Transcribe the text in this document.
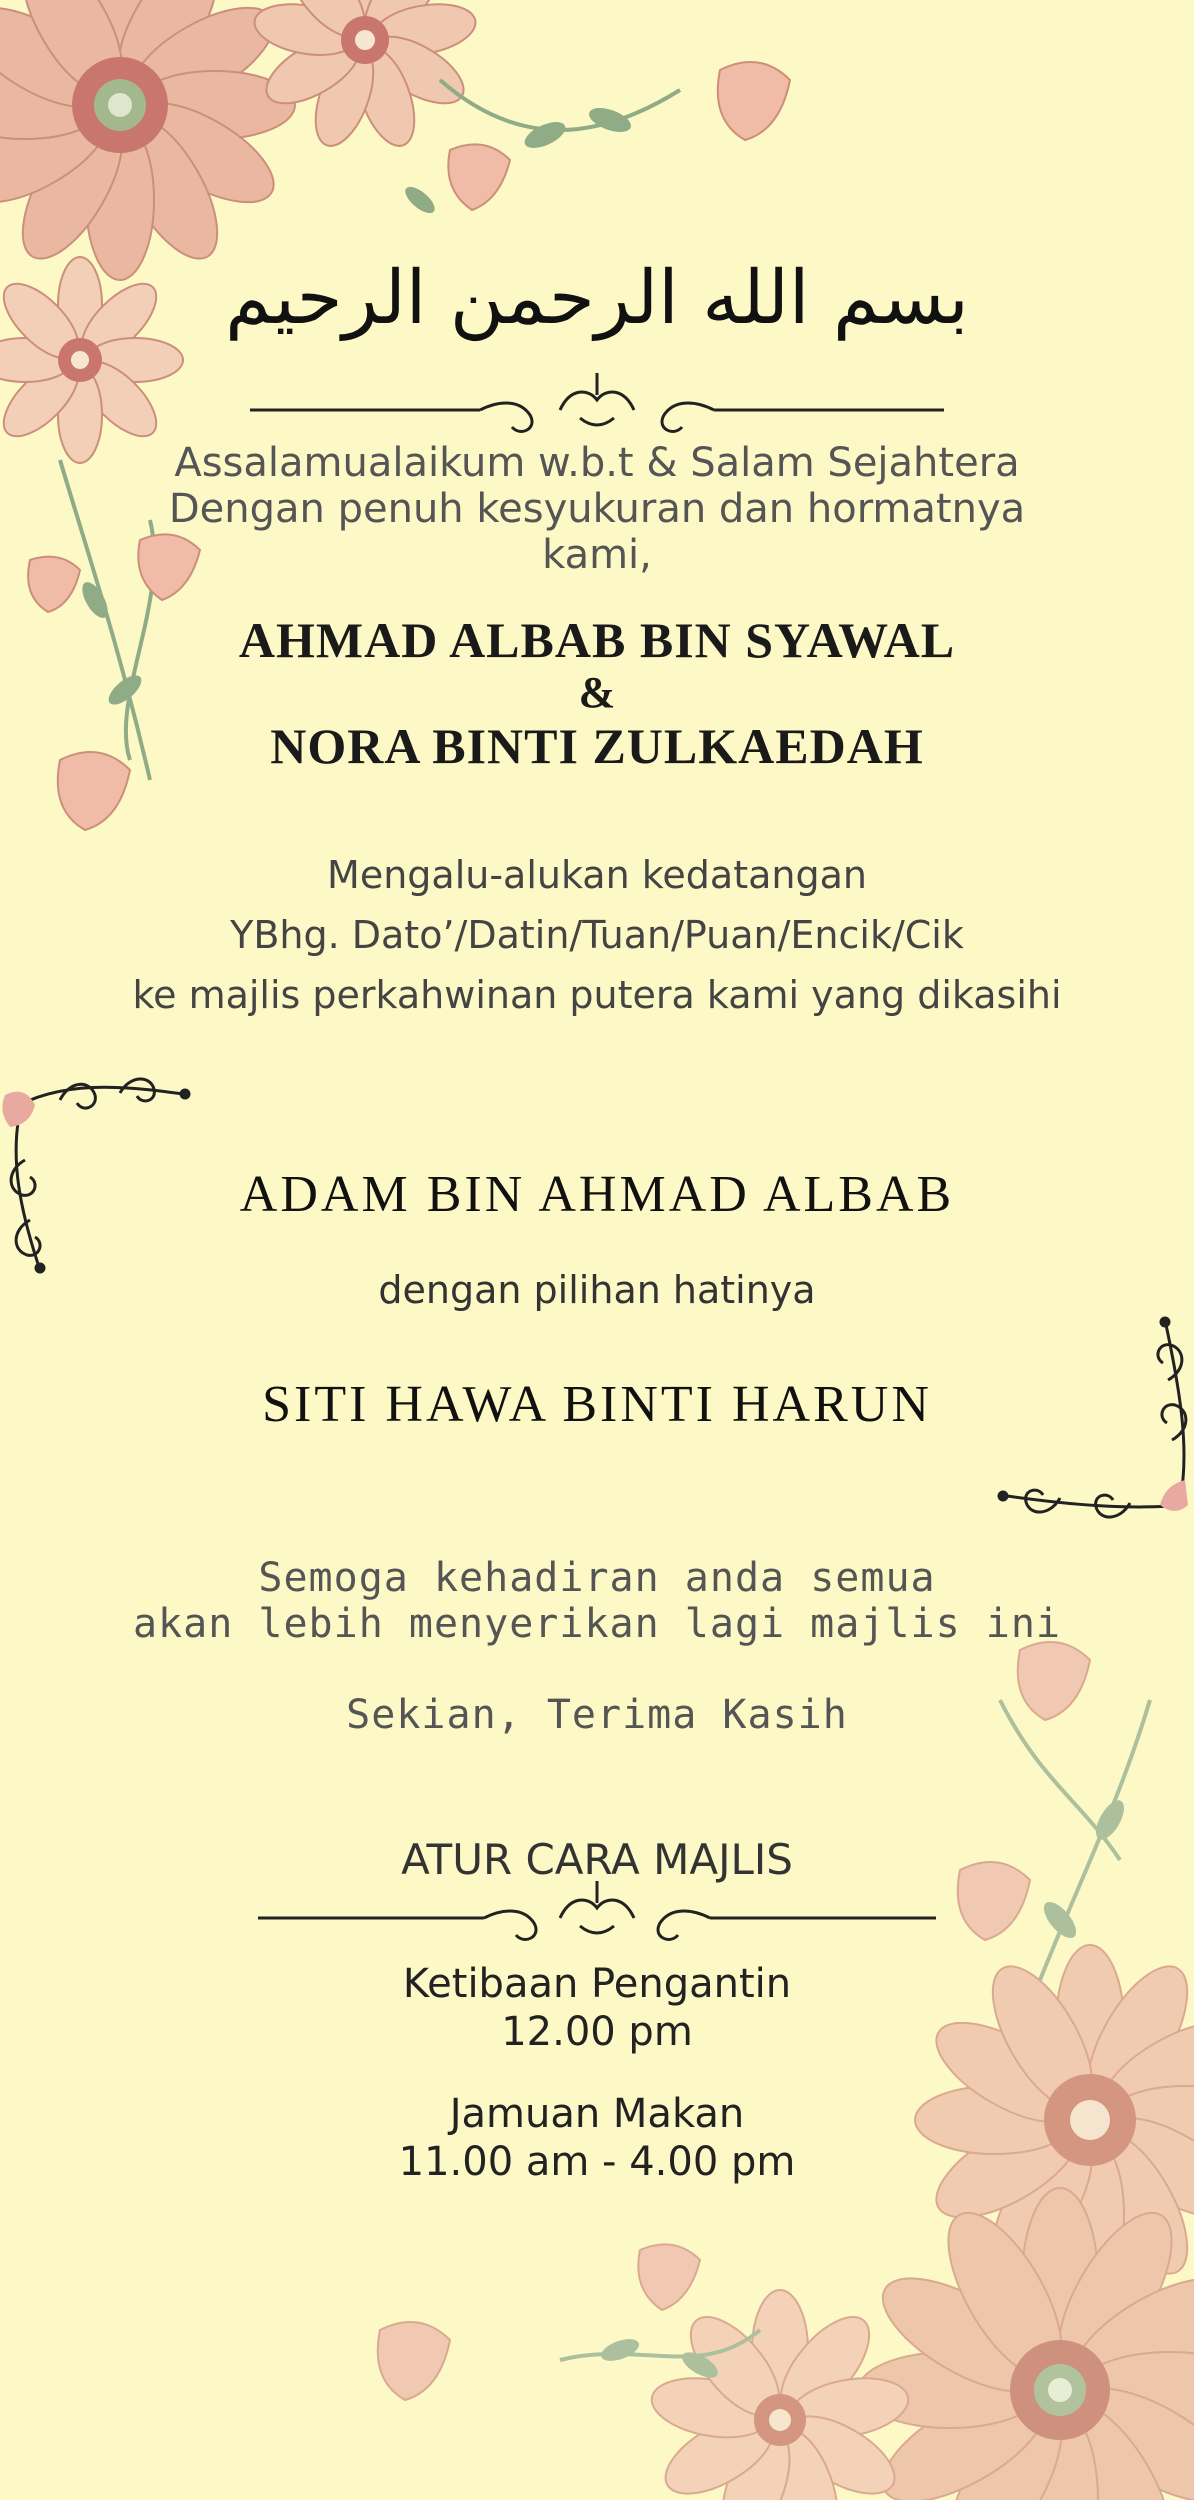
بسم الله الرحمن الرحيم
Assalamualaikum w.b.t & Salam Sejahtera
Dengan penuh kesyukuran dan hormatnya
kami,
AHMAD ALBAB BIN SYAWAL
&
NORA BINTI ZULKAEDAH
Mengalu-alukan kedatangan
YBhg. Dato’/Datin/Tuan/Puan/Encik/Cik
ke majlis perkahwinan putera kami yang dikasihi
ADAM BIN AHMAD ALBAB
dengan pilihan hatinya
SITI HAWA BINTI HARUN
Semoga kehadiran anda semua
akan lebih menyerikan lagi majlis ini
Sekian, Terima Kasih
ATUR CARA MAJLIS
Ketibaan Pengantin
12.00 pm
Jamuan Makan
11.00 am - 4.00 pm
